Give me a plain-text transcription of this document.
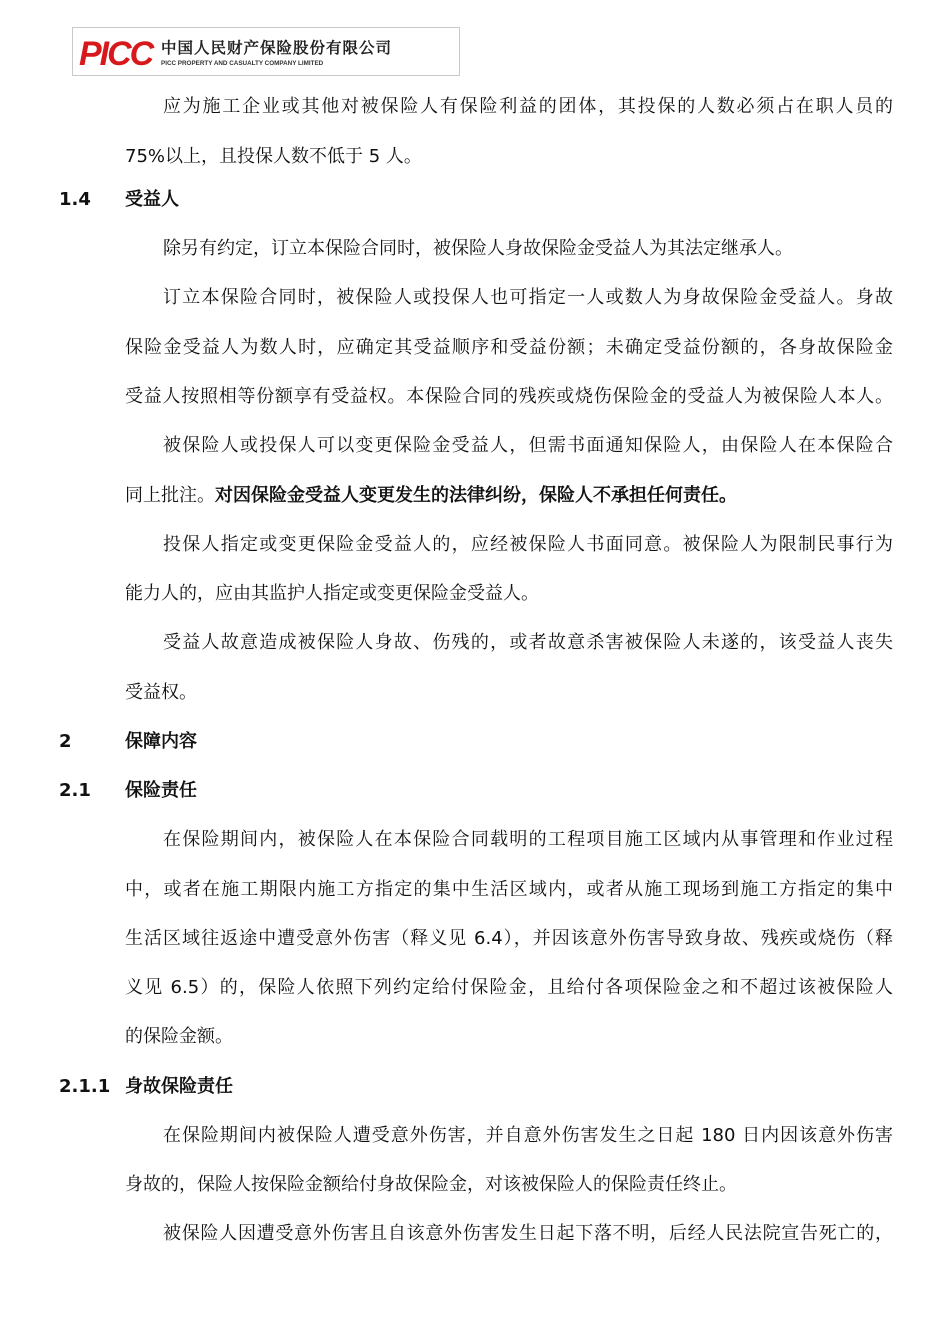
PICC 中国人民财产保险股份有限公司
PICC PROPERTY AND CASUALTY COMPANY LIMITED
应为施工企业或其他对被保险人有保险利益的团体，其投保的人数必须占在职人员的
75%以上，且投保人数不低于 5 人。
1.4 受益人
除另有约定，订立本保险合同时，被保险人身故保险金受益人为其法定继承人。
订立本保险合同时，被保险人或投保人也可指定一人或数人为身故保险金受益人。身故
保险金受益人为数人时，应确定其受益顺序和受益份额；未确定受益份额的，各身故保险金
受益人按照相等份额享有受益权。本保险合同的残疾或烧伤保险金的受益人为被保险人本人。
被保险人或投保人可以变更保险金受益人，但需书面通知保险人，由保险人在本保险合
同上批注。对因保险金受益人变更发生的法律纠纷，保险人不承担任何责任。
投保人指定或变更保险金受益人的，应经被保险人书面同意。被保险人为限制民事行为
能力人的，应由其监护人指定或变更保险金受益人。
受益人故意造成被保险人身故、伤残的，或者故意杀害被保险人未遂的，该受益人丧失
受益权。
2	保障内容
2.1 保险责任
在保险期间内，被保险人在本保险合同载明的工程项目施工区域内从事管理和作业过程
中，或者在施工期限内施工方指定的集中生活区域内，或者从施工现场到施工方指定的集中
生活区域往返途中遭受意外伤害（释义见 6.4），并因该意外伤害导致身故、残疾或烧伤（释
义见 6.5）的，保险人依照下列约定给付保险金，且给付各项保险金之和不超过该被保险人
的保险金额。
2.1.1 身故保险责任
在保险期间内被保险人遭受意外伤害，并自意外伤害发生之日起 180 日内因该意外伤害
身故的，保险人按保险金额给付身故保险金，对该被保险人的保险责任终止。
被保险人因遭受意外伤害且自该意外伤害发生日起下落不明，后经人民法院宣告死亡的，
